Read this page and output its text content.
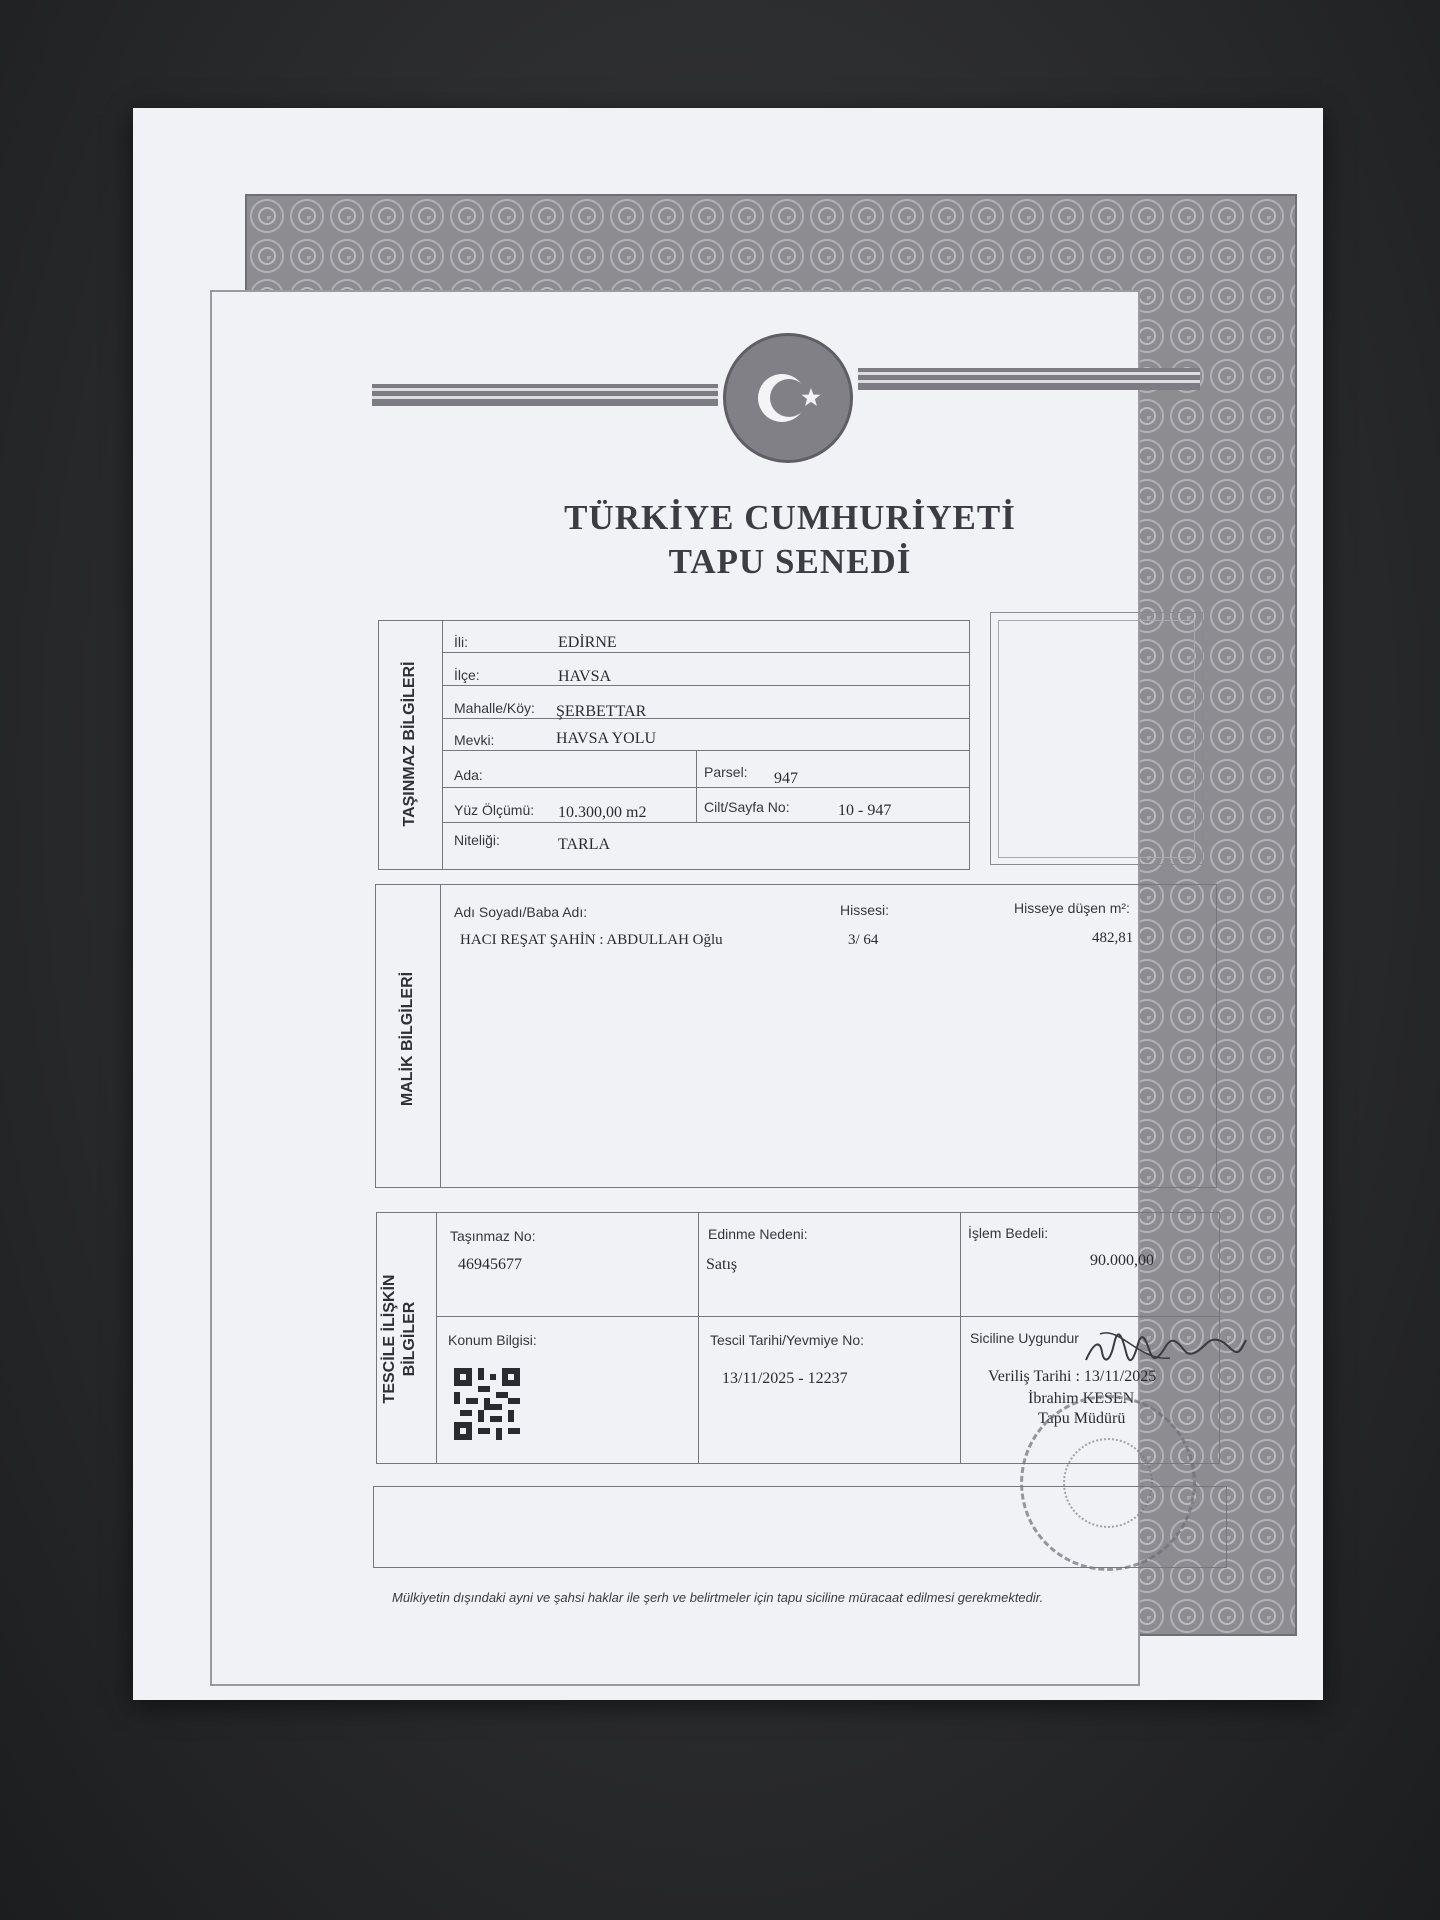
TÜRKİYE CUMHURİYETİ
TAPU SENEDİ
TAŞINMAZ BİLGİLERİ
İli:	EDİRNE
İlçe:	HAVSA
Mahalle/Köy: ŞERBETTAR
Mevki:	HAVSA YOLU
Ada:	Parsel: 947
Yüz Ölçümü: 10.300,00 m2	Cilt/Sayfa No:	10 - 947
Niteliği:	TARLA
MALİK BİLGİLERİ
Adı Soyadı/Baba Adı:	Hissesi:	Hisseye düşen m²:
HACI REŞAT ŞAHİN : ABDULLAH Oğlu	3/ 64	482,81
TESCİLE İLİŞKİN BİLGİLER
Taşınmaz No:
46945677
Edinme Nedeni:
Satış
İşlem Bedeli:
90.000,00
Konum Bilgisi:	Tescil Tarihi/Yevmiye No:
13/11/2025 - 12237
Siciline Uygundur
Veriliş Tarihi : 13/11/2025
İbrahim KESEN
Tapu Müdürü
Mülkiyetin dışındaki ayni ve şahsi haklar ile şerh ve belirtmeler için tapu siciline müracaat edilmesi gerekmektedir.
